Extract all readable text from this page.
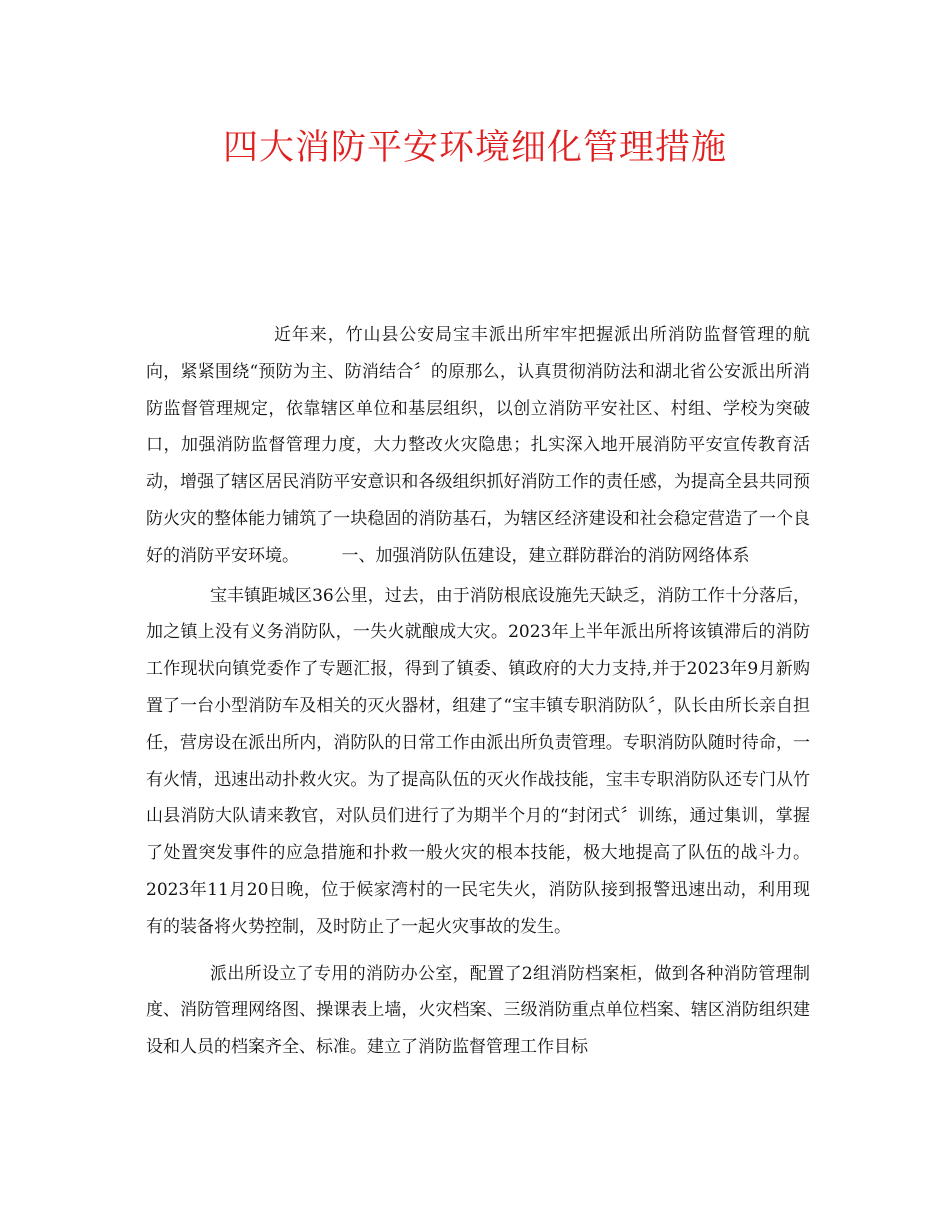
四大消防平安环境细化管理措施

近年来，竹山县公安局宝丰派出所牢牢把握派出所消防监督管理的航向，紧紧围绕“预防为主、防消结合〞的原那么，认真贯彻消防法和湖北省公安派出所消防监督管理规定，依靠辖区单位和基层组织，以创立消防平安社区、村组、学校为突破口，加强消防监督管理力度，大力整改火灾隐患；扎实深入地开展消防平安宣传教育活动，增强了辖区居民消防平安意识和各级组织抓好消防工作的责任感，为提高全县共同预防火灾的整体能力铺筑了一块稳固的消防基石，为辖区经济建设和社会稳定营造了一个良好的消防平安环境。　　　一、加强消防队伍建设，建立群防群治的消防网络体系

宝丰镇距城区36公里，过去，由于消防根底设施先天缺乏，消防工作十分落后，加之镇上没有义务消防队，一失火就酿成大灾。2023年上半年派出所将该镇滞后的消防工作现状向镇党委作了专题汇报，得到了镇委、镇政府的大力支持,并于2023年9月新购置了一台小型消防车及相关的灭火器材，组建了“宝丰镇专职消防队〞，队长由所长亲自担任，营房设在派出所内，消防队的日常工作由派出所负责管理。专职消防队随时待命，一有火情，迅速出动扑救火灾。为了提高队伍的灭火作战技能，宝丰专职消防队还专门从竹山县消防大队请来教官，对队员们进行了为期半个月的“封闭式〞训练，通过集训，掌握了处置突发事件的应急措施和扑救一般火灾的根本技能，极大地提高了队伍的战斗力。2023年11月20日晚，位于候家湾村的一民宅失火，消防队接到报警迅速出动，利用现有的装备将火势控制，及时防止了一起火灾事故的发生。

派出所设立了专用的消防办公室，配置了2组消防档案柜，做到各种消防管理制度、消防管理网络图、操课表上墙，火灾档案、三级消防重点单位档案、辖区消防组织建设和人员的档案齐全、标准。建立了消防监督管理工作目标
